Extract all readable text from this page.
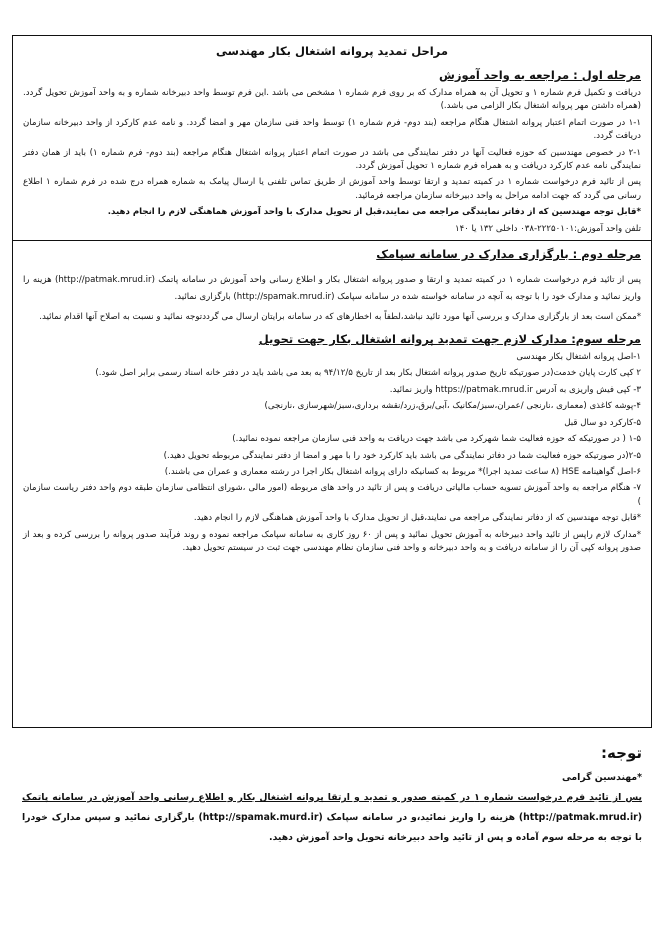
مراحل تمدید پروانه اشتغال بکار مهندسی
مرحله اول : مراجعه به واحد آموزش

دریافت و تکمیل فرم شماره ۱ و تحویل آن به همراه مدارک که بر روی فرم شماره ۱ مشخص می باشد .این فرم توسط واحد دبیرخانه شماره و به واحد آموزش تحویل گردد.(همراه داشتن مهر پروانه اشتغال بکار الزامی می باشد.)

۱-۱ در صورت اتمام اعتبار پروانه اشتغال هنگام مراجعه (بند دوم- فرم شماره ۱) توسط واحد فنی سازمان مهر و امضا گردد. و نامه عدم کارکرد از واحد دبیرخانه سازمان دریافت گردد.

۲-۱ در خصوص مهندسین که حوزه فعالیت آنها در دفتر نمایندگی می باشد در صورت اتمام اعتبار پروانه اشتغال هنگام مراجعه (بند دوم- فرم شماره ۱) باید از همان دفتر نمایندگی نامه عدم کارکرد دریافت و به همراه فرم شماره ۱ تحویل آموزش گردد.

پس از تائید فرم درخواست شماره ۱ در کمیته تمدید و ارتقا توسط واحد آموزش از طریق تماس تلفنی یا ارسال پیامک به شماره همراه درج شده در فرم شماره ۱ اطلاع رسانی می گردد که جهت ادامه مراحل به واحد دبیرخانه سازمان مراجعه فرمائید.

*قابل توجه مهندسین که از دفاتر نمایندگی مراجعه می نمایند،قبل از تحویل مدارک با واحد آموزش هماهنگی لازم را انجام دهید.

تلفن واحد آموزش:۲۲۲۵۰۱۰۱-۰۳۸ داخلی ۱۳۲ یا ۱۴۰

مرحله دوم : بارگزاری مدارک در سامانه سپامک

پس از تائید فرم درخواست شماره ۱ در کمیته تمدید و ارتقا و صدور پروانه اشتغال بکار و اطلاع رسانی واحد آموزش در سامانه پاتمک (http://patmak.mrud.ir) هزینه را واریز نمائید و مدارک خود را با توجه به آنچه در سامانه خواسته شده در سامانه سپامک (http://spamak.mrud.ir) بارگزاری نمائید.

*ممکن است بعد از بارگزاری مدارک و بررسی آنها مورد تائید نباشد،لطفاً به اخطارهای که در سامانه برایتان ارسال می گرددتوجه نمائید و نسبت به اصلاح آنها اقدام نمائید.

مرحله سوم: مدارک لازم جهت تمدید پروانه اشتغال بکار جهت تحویل

۱-اصل پروانه اشتغال بکار مهندسی

۲ کپی کارت پایان خدمت(در صورتیکه تاریخ صدور پروانه اشتغال بکار بعد از تاریخ ۹۴/۱۲/۵ به بعد می باشد باید در دفتر خانه اسناد رسمی برابر اصل شود.)

۳- کپی فیش واریزی به آدرس https://patmak.mrud.ir واریز نمائید.

۴-پوشه کاغذی (معماری ،نارنجی /عمران،سبز/مکانیک ،آبی/برق،زرد/نقشه برداری،سبز/شهرسازی ،نارنجی)

۵-کارکرد دو سال قبل

۱-۵ ( در صورتیکه که حوزه فعالیت شما شهرکرد می باشد جهت دریافت به واحد فنی سازمان مراجعه نموده نمائید.)

۲-۵(در صورتیکه حوزه فعالیت شما در دفاتر نمایندگی می باشد باید کارکرد خود را با مهر و امضا از دفتر نمایندگی مربوطه تحویل دهید.)

۶-اصل گواهینامه HSE (۸ ساعت تمدید اجرا)* مربوط به کسانیکه دارای پروانه اشتغال بکار اجرا در رشته معماری و عمران می باشند.)

۷- هنگام مراجعه به واحد آموزش تسویه حساب مالیاتی دریافت و پس از تائید در واحد های مربوطه (امور مالی ،شورای انتظامی سازمان طبقه دوم واحد دفتر ریاست سازمان )

*قابل توجه مهندسین که از دفاتر نمایندگی مراجعه می نمایند،قبل از تحویل مدارک با واحد آموزش هماهنگی لازم را انجام دهید.

*مدارک لازم راپس از تائید واحد دبیرخانه به آموزش تحویل نمائید و پس از ۶۰ روز کاری به سامانه سپامک مراجعه نموده و روند فرآیند صدور پروانه را بررسی کرده و بعد از صدور پروانه کپی آن را از سامانه دریافت و به واحد دبیرخانه و واحد فنی سازمان نظام مهندسی جهت ثبت در سیستم تحویل دهید.

توجه:

*مهندسین گرامی

پس از تائید فرم درخواست شماره ۱ در کمیته صدور و تمدید و ارتقا پروانه اشتغال بکار و اطلاع رسانی واحد آموزش در سامانه پاتمک (http://patmak.mrud.ir) هزینه را واریز نمائید،و در سامانه سپامک (http://spamak.murd.ir) بارگزاری نمائید و سپس مدارک خودرا با توجه به مرحله سوم آماده و پس از تائید واحد دبیرخانه تحویل واحد آموزش دهید.
